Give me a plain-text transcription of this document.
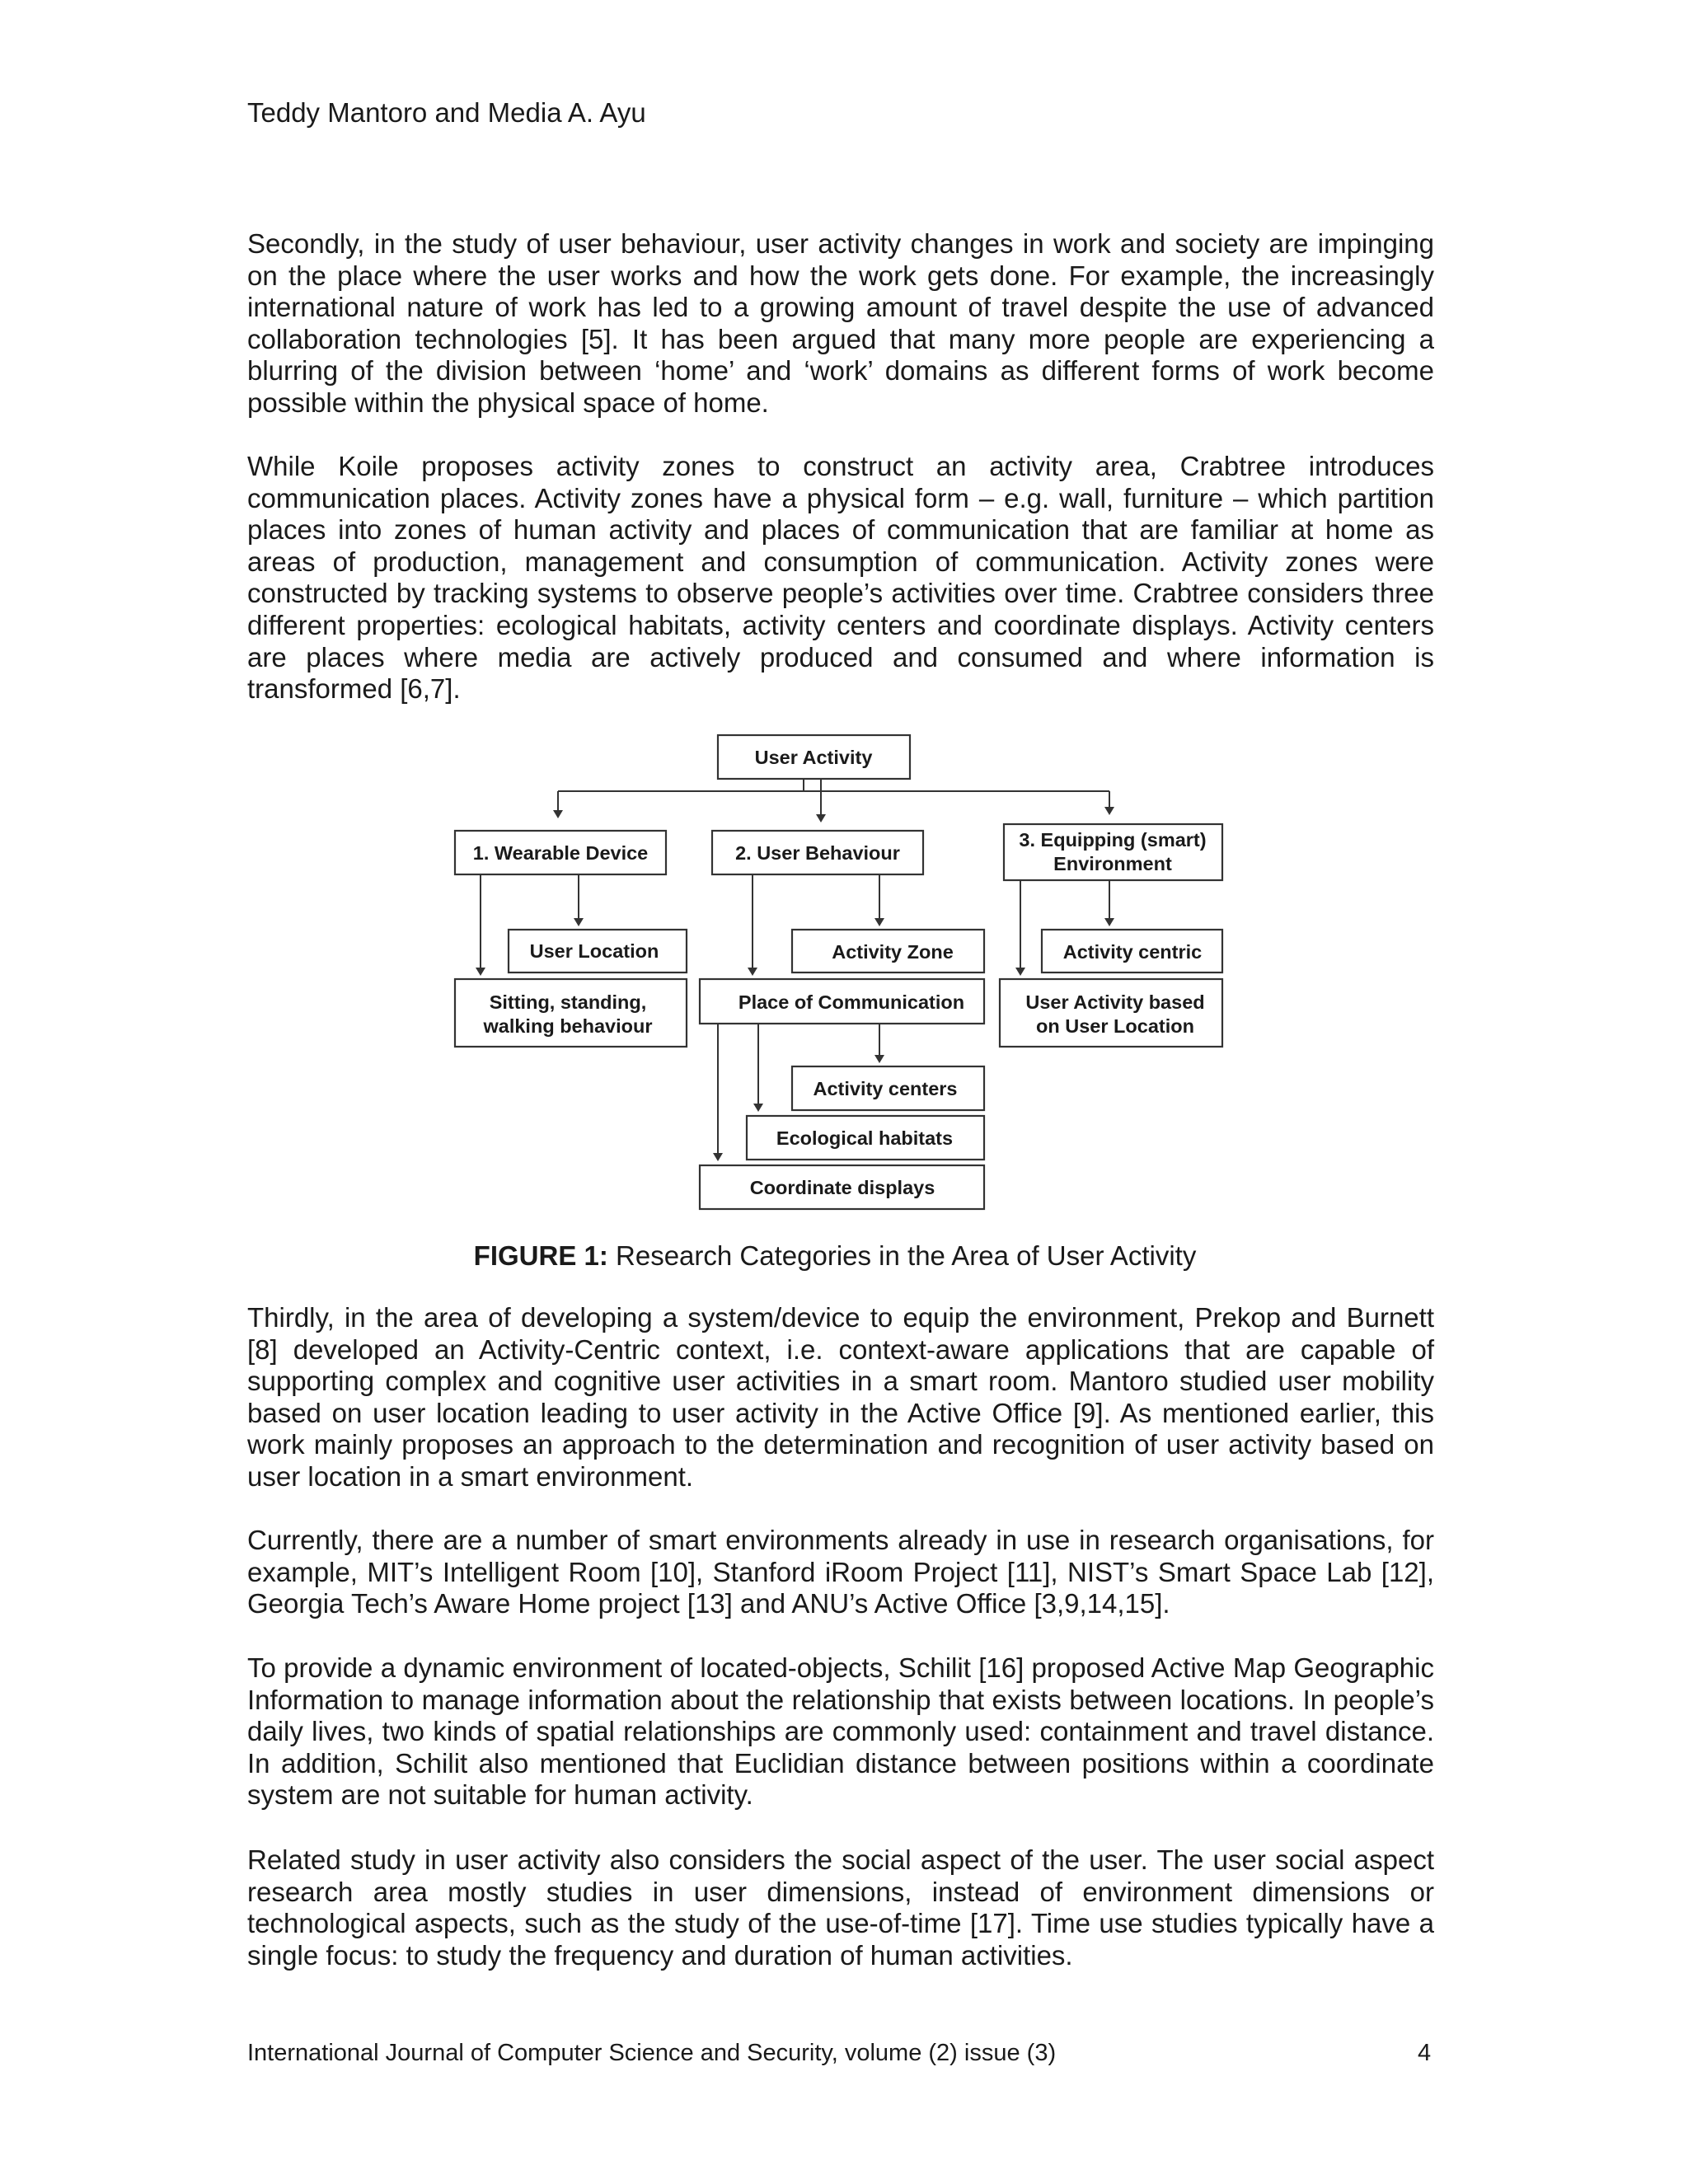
Teddy Mantoro and Media A. Ayu

Secondly, in the study of user behaviour, user activity changes in work and society are impinging on the place where the user works and how the work gets done. For example, the increasingly international nature of work has led to a growing amount of travel despite the use of advanced collaboration technologies [5]. It has been argued that many more people are experiencing a blurring of the division between ‘home’ and ‘work’ domains as different forms of work become possible within the physical space of home.

While Koile proposes activity zones to construct an activity area, Crabtree introduces communication places. Activity zones have a physical form – e.g. wall, furniture – which partition places into zones of human activity and places of communication that are familiar at home as areas of production, management and consumption of communication. Activity zones were constructed by tracking systems to observe people’s activities over time. Crabtree considers three different properties: ecological habitats, activity centers and coordinate displays. Activity centers are places where media are actively produced and consumed and where information is transformed [6,7].

User Activity
1. Wearable Device	2. User Behaviour
3. Equipping (smart)
Environment
User Location	Activity Zone	Activity centric
Sitting, standing,
walking behaviour
Place of Communication	User Activity based
on User Location
Activity centers
Ecological habitats
Coordinate displays
FIGURE 1: Research Categories in the Area of User Activity

Thirdly, in the area of developing a system/device to equip the environment, Prekop and Burnett [8] developed an Activity-Centric context, i.e. context-aware applications that are capable of supporting complex and cognitive user activities in a smart room. Mantoro studied user mobility based on user location leading to user activity in the Active Office [9]. As mentioned earlier, this work mainly proposes an approach to the determination and recognition of user activity based on user location in a smart environment.

Currently, there are a number of smart environments already in use in research organisations, for example, MIT’s Intelligent Room [10], Stanford iRoom Project [11], NIST’s Smart Space Lab [12], Georgia Tech’s Aware Home project [13] and ANU’s Active Office [3,9,14,15].

To provide a dynamic environment of located-objects, Schilit [16] proposed Active Map Geographic Information to manage information about the relationship that exists between locations. In people’s daily lives, two kinds of spatial relationships are commonly used: containment and travel distance. In addition, Schilit also mentioned that Euclidian distance between positions within a coordinate system are not suitable for human activity.

Related study in user activity also considers the social aspect of the user. The user social aspect research area mostly studies in user dimensions, instead of environment dimensions or technological aspects, such as the study of the use-of-time [17]. Time use studies typically have a single focus: to study the frequency and duration of human activities.

International Journal of Computer Science and Security, volume (2) issue (3)	4
